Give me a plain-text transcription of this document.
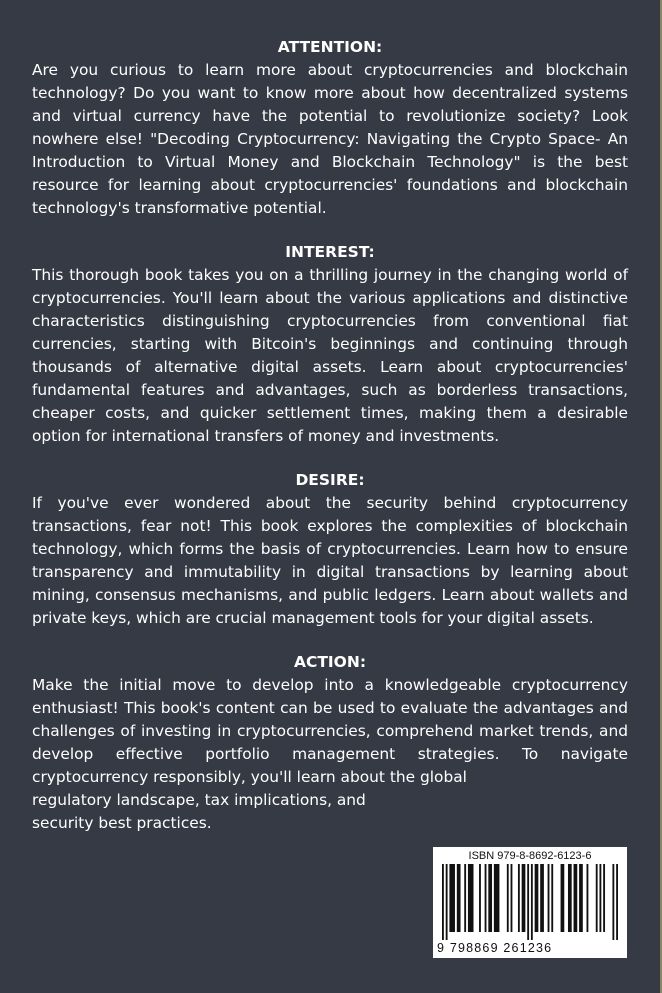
ATTENTION:

Are you curious to learn more about cryptocurrencies and blockchain technology? Do you want to know more about how decentralized systems and virtual currency have the potential to revolutionize society? Look nowhere else! "Decoding Cryptocurrency: Navigating the Crypto Space- An Introduction to Virtual Money and Blockchain Technology" is the best resource for learning about cryptocurrencies' foundations and blockchain technology's transformative potential.

INTEREST:

This thorough book takes you on a thrilling journey in the changing world of cryptocurrencies. You'll learn about the various applications and distinctive characteristics distinguishing cryptocurrencies from conventional fiat currencies, starting with Bitcoin's beginnings and continuing through thousands of alternative digital assets. Learn about cryptocurrencies' fundamental features and advantages, such as borderless transactions, cheaper costs, and quicker settlement times, making them a desirable option for international transfers of money and investments.

DESIRE:

If you've ever wondered about the security behind cryptocurrency transactions, fear not! This book explores the complexities of blockchain technology, which forms the basis of cryptocurrencies. Learn how to ensure transparency and immutability in digital transactions by learning about mining, consensus mechanisms, and public ledgers. Learn about wallets and private keys, which are crucial management tools for your digital assets.

ACTION:

Make the initial move to develop into a knowledgeable cryptocurrency enthusiast! This book's content can be used to evaluate the advantages and challenges of investing in cryptocurrencies, comprehend market trends, and develop effective portfolio management strategies. To navigate cryptocurrency responsibly, you'll learn about the global

regulatory landscape, tax implications, and

security best practices.

ISBN 979-8-8692-6123-6
9 798869 261236
